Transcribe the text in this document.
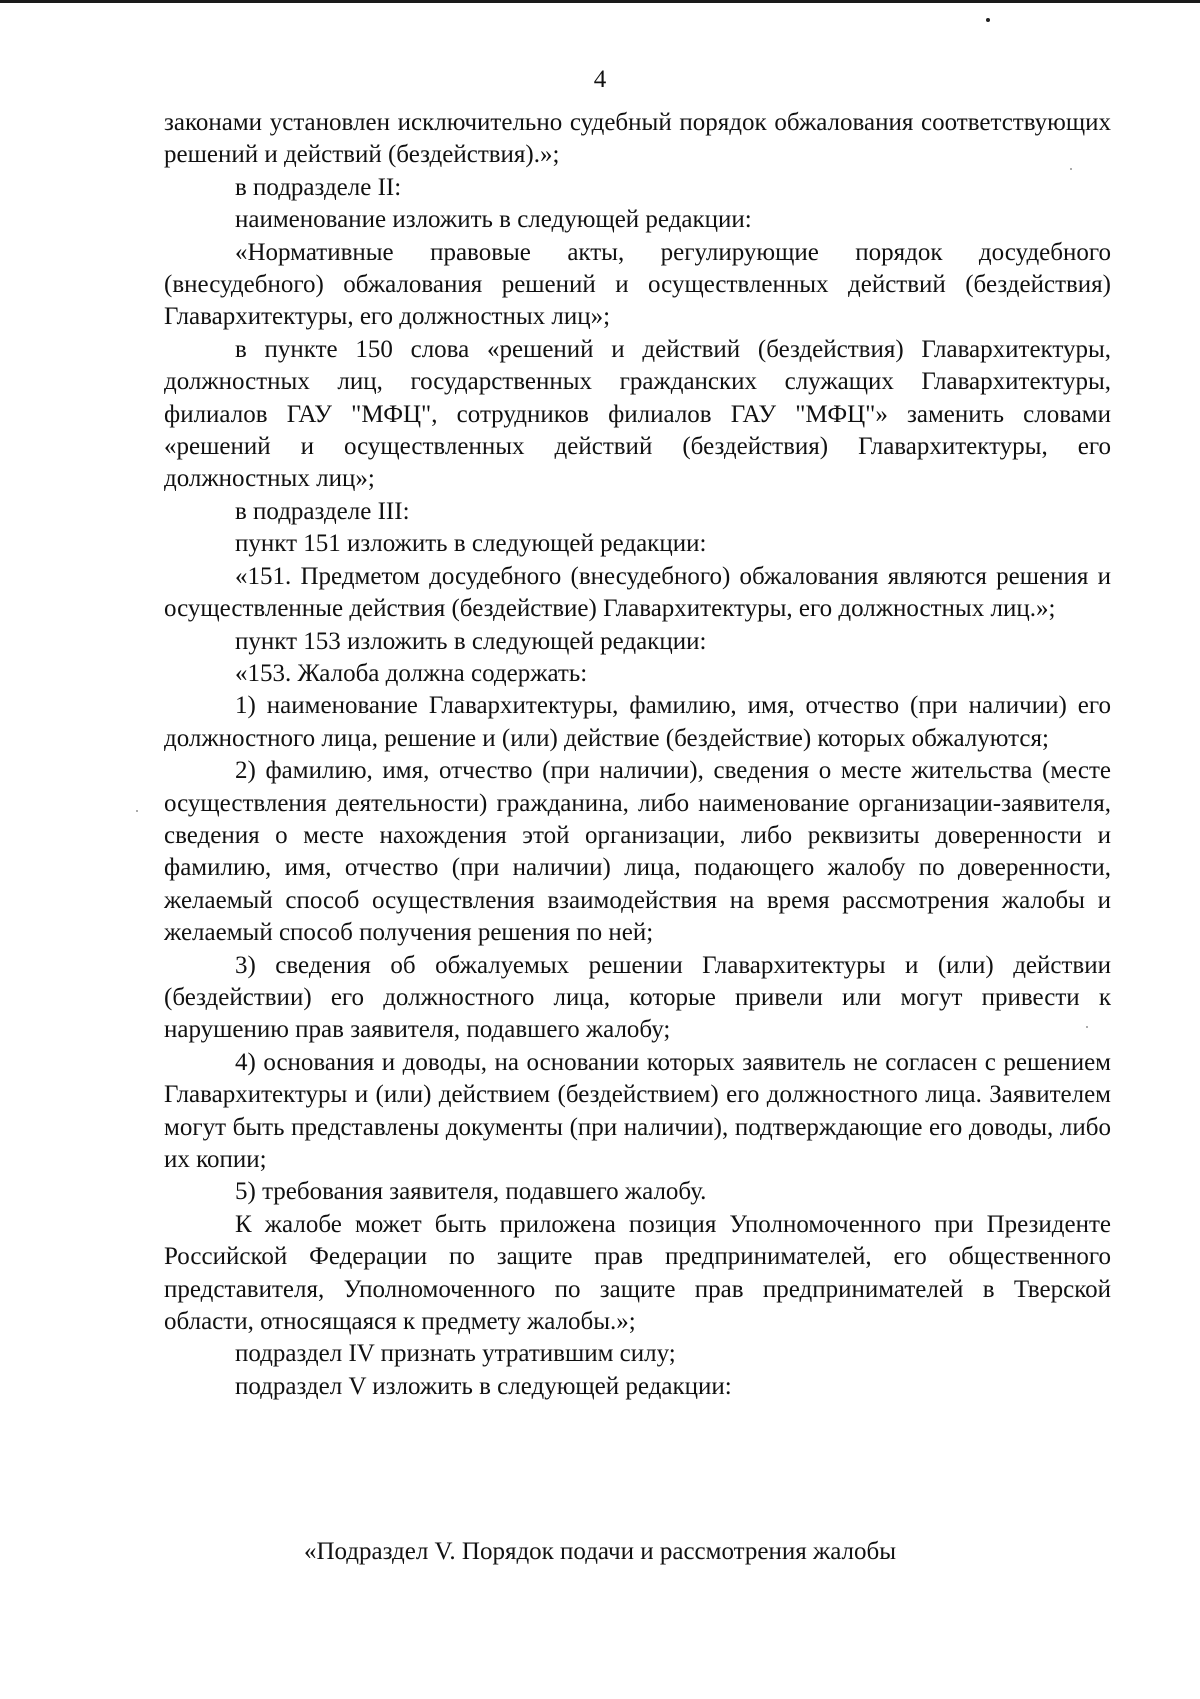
4

законами установлен исключительно судебный порядок обжалования соответствующих решений и действий (бездействия).»;

в подразделе II:

наименование изложить в следующей редакции:

«Нормативные правовые акты, регулирующие порядок досудебного (внесудебного) обжалования решений и осуществленных действий (бездействия) Главархитектуры, его должностных лиц»;

в пункте 150 слова «решений и действий (бездействия) Главархитектуры, должностных лиц, государственных гражданских служащих Главархитектуры, филиалов ГАУ "МФЦ", сотрудников филиалов ГАУ "МФЦ"» заменить словами «решений и осуществленных действий (бездействия) Главархитектуры, его должностных лиц»;

в подразделе III:

пункт 151 изложить в следующей редакции:

«151. Предметом досудебного (внесудебного) обжалования являются решения и осуществленные действия (бездействие) Главархитектуры, его должностных лиц.»;

пункт 153 изложить в следующей редакции:

«153. Жалоба должна содержать:

1) наименование Главархитектуры, фамилию, имя, отчество (при наличии) его должностного лица, решение и (или) действие (бездействие) которых обжалуются;

2) фамилию, имя, отчество (при наличии), сведения о месте жительства (месте осуществления деятельности) гражданина, либо наименование организации-заявителя, сведения о месте нахождения этой организации, либо реквизиты доверенности и фамилию, имя, отчество (при наличии) лица, подающего жалобу по доверенности, желаемый способ осуществления взаимодействия на время рассмотрения жалобы и желаемый способ получения решения по ней;

3) сведения об обжалуемых решении Главархитектуры и (или) действии (бездействии) его должностного лица, которые привели или могут привести к нарушению прав заявителя, подавшего жалобу;

4) основания и доводы, на основании которых заявитель не согласен с решением Главархитектуры и (или) действием (бездействием) его должностного лица. Заявителем могут быть представлены документы (при наличии), подтверждающие его доводы, либо их копии;

5) требования заявителя, подавшего жалобу.

К жалобе может быть приложена позиция Уполномоченного при Президенте Российской Федерации по защите прав предпринимателей, его общественного представителя, Уполномоченного по защите прав предпринимателей в Тверской области, относящаяся к предмету жалобы.»;

подраздел IV признать утратившим силу;

подраздел V изложить в следующей редакции:

«Подраздел V. Порядок подачи и рассмотрения жалобы
